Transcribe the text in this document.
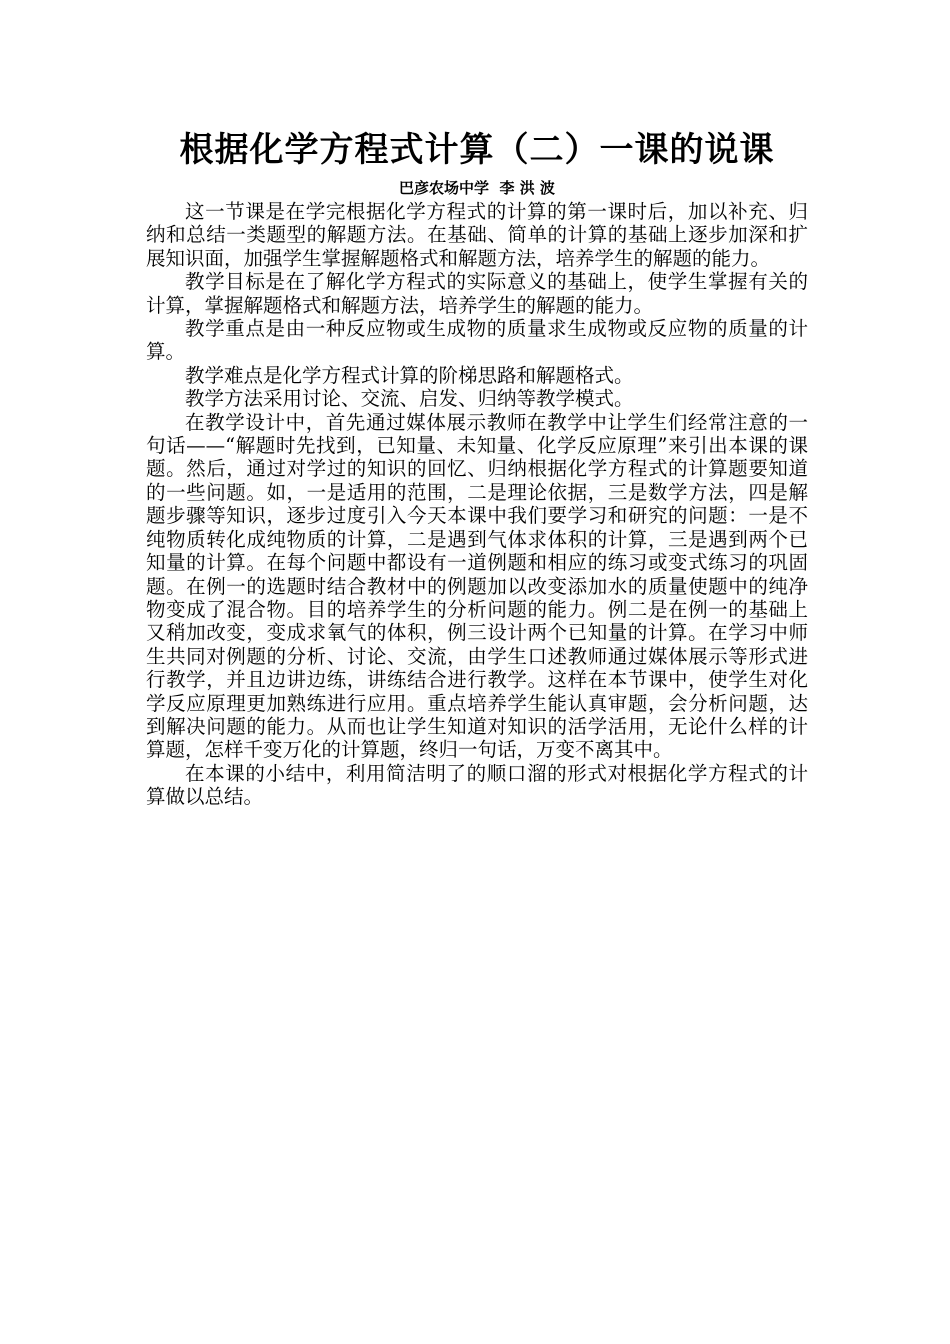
根据化学方程式计算（二）一课的说课
巴彦农场中学  李 洪 波

这一节课是在学完根据化学方程式的计算的第一课时后，加以补充、归纳和总结一类题型的解题方法。在基础、简单的计算的基础上逐步加深和扩展知识面，加强学生掌握解题格式和解题方法，培养学生的解题的能力。

教学目标是在了解化学方程式的实际意义的基础上，使学生掌握有关的计算，掌握解题格式和解题方法，培养学生的解题的能力。

教学重点是由一种反应物或生成物的质量求生成物或反应物的质量的计算。

教学难点是化学方程式计算的阶梯思路和解题格式。

教学方法采用讨论、交流、启发、归纳等教学模式。

在教学设计中，首先通过媒体展示教师在教学中让学生们经常注意的一句话——“解题时先找到，已知量、未知量、化学反应原理”来引出本课的课题。然后，通过对学过的知识的回忆、归纳根据化学方程式的计算题要知道的一些问题。如，一是适用的范围，二是理论依据，三是数学方法，四是解题步骤等知识，逐步过度引入今天本课中我们要学习和研究的问题：一是不纯物质转化成纯物质的计算，二是遇到气体求体积的计算，三是遇到两个已知量的计算。在每个问题中都设有一道例题和相应的练习或变式练习的巩固题。在例一的选题时结合教材中的例题加以改变添加水的质量使题中的纯净物变成了混合物。目的培养学生的分析问题的能力。例二是在例一的基础上又稍加改变，变成求氧气的体积，例三设计两个已知量的计算。在学习中师生共同对例题的分析、讨论、交流，由学生口述教师通过媒体展示等形式进行教学，并且边讲边练，讲练结合进行教学。这样在本节课中，使学生对化学反应原理更加熟练进行应用。重点培养学生能认真审题，会分析问题，达到解决问题的能力。从而也让学生知道对知识的活学活用，无论什么样的计算题，怎样千变万化的计算题，终归一句话，万变不离其中。

在本课的小结中，利用简洁明了的顺口溜的形式对根据化学方程式的计算做以总结。
